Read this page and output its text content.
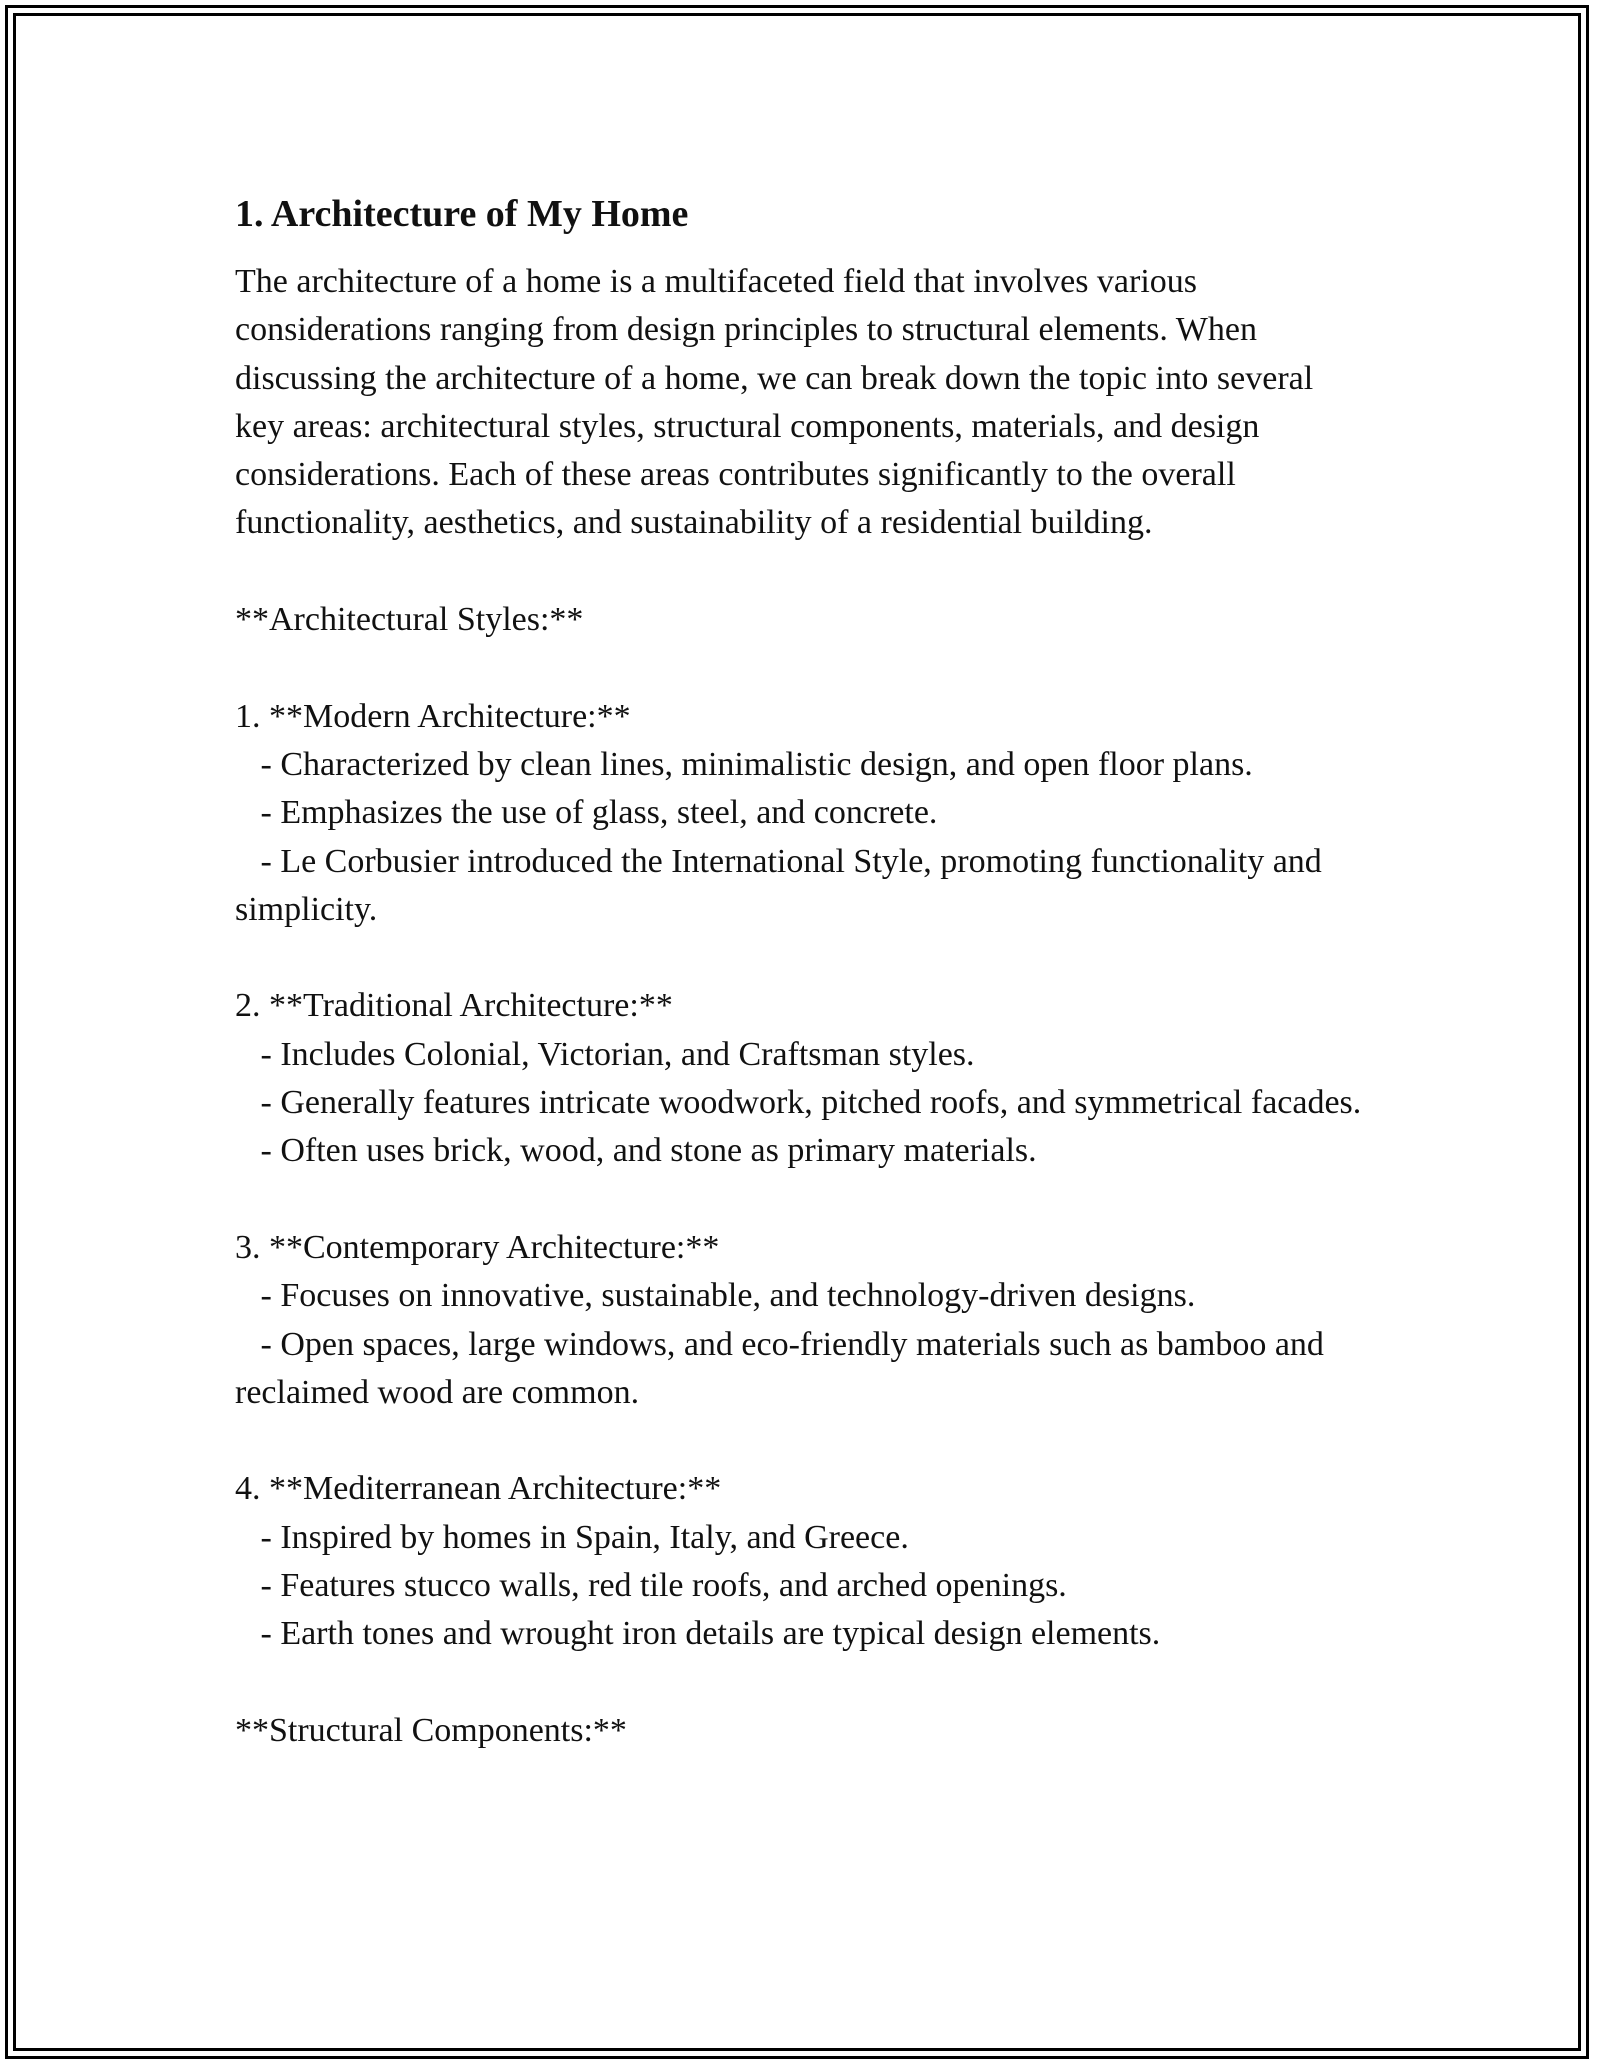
1. Architecture of My Home

The architecture of a home is a multifaceted field that involves various considerations ranging from design principles to structural elements. When discussing the architecture of a home, we can break down the topic into several key areas: architectural styles, structural components, materials, and design considerations. Each of these areas contributes significantly to the overall functionality, aesthetics, and sustainability of a residential building.

**Architectural Styles:**

1. **Modern Architecture:**
- Characterized by clean lines, minimalistic design, and open floor plans.
- Emphasizes the use of glass, steel, and concrete.
- Le Corbusier introduced the International Style, promoting functionality and simplicity.

2. **Traditional Architecture:**
- Includes Colonial, Victorian, and Craftsman styles.
- Generally features intricate woodwork, pitched roofs, and symmetrical facades.
- Often uses brick, wood, and stone as primary materials.

3. **Contemporary Architecture:**
- Focuses on innovative, sustainable, and technology-driven designs.
- Open spaces, large windows, and eco-friendly materials such as bamboo and reclaimed wood are common.

4. **Mediterranean Architecture:**
- Inspired by homes in Spain, Italy, and Greece.
- Features stucco walls, red tile roofs, and arched openings.
- Earth tones and wrought iron details are typical design elements.

**Structural Components:**
